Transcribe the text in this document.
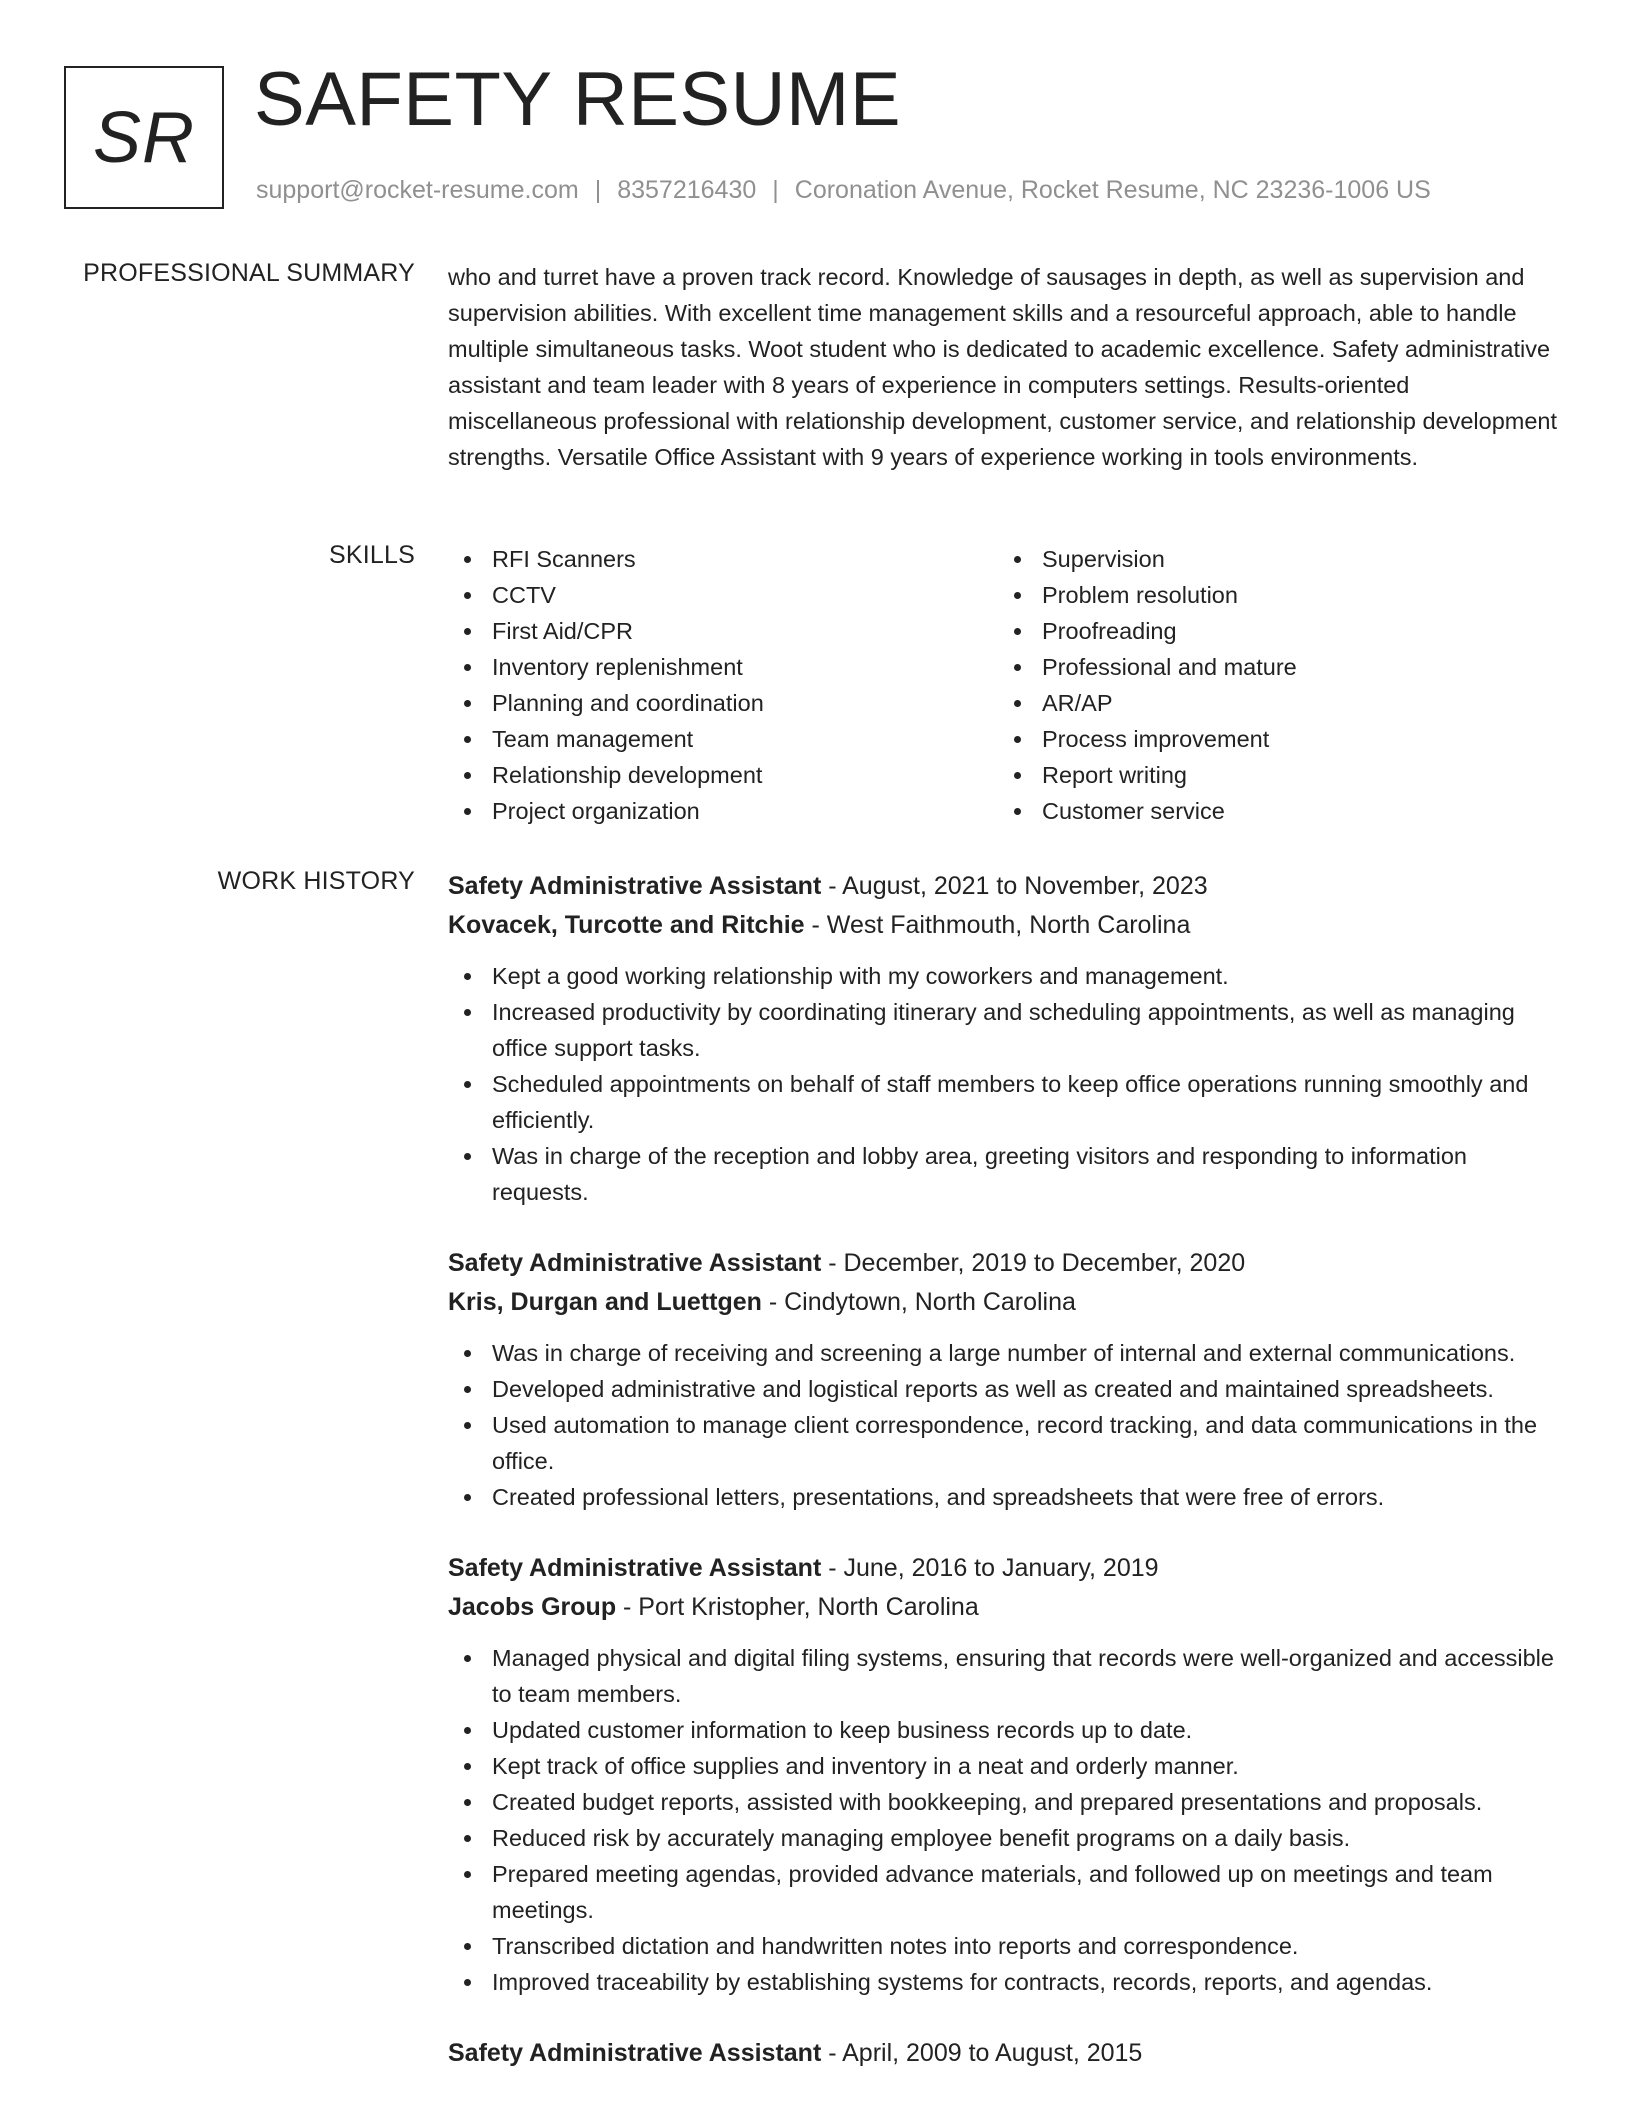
SR SAFETY RESUME
support@rocket-resume.com | 8357216430 | Coronation Avenue, Rocket Resume, NC 23236-1006 US
PROFESSIONAL SUMMARY who and turret have a proven track record. Knowledge of sausages in depth, as well as supervision and supervision abilities. With excellent time management skills and a resourceful approach, able to handle multiple simultaneous tasks. Woot student who is dedicated to academic excellence. Safety administrative assistant and team leader with 8 years of experience in computers settings. Results-oriented miscellaneous professional with relationship development, customer service, and relationship development strengths. Versatile Office Assistant with 9 years of experience working in tools environments.

SKILLS	RFI Scanners
CCTV
First Aid/CPR
Inventory replenishment
Planning and coordination
Team management
Relationship development
Project organization
Supervision
Problem resolution
Proofreading
Professional and mature
AR/AP
Process improvement
Report writing
Customer service
WORK HISTORY Safety Administrative Assistant - August, 2021 to November, 2023
Kovacek, Turcotte and Ritchie - West Faithmouth, North Carolina
Kept a good working relationship with my coworkers and management.
Increased productivity by coordinating itinerary and scheduling appointments, as well as managing office support tasks.
Scheduled appointments on behalf of staff members to keep office operations running smoothly and efficiently.
Was in charge of the reception and lobby area, greeting visitors and responding to information requests.
Safety Administrative Assistant - December, 2019 to December, 2020
Kris, Durgan and Luettgen - Cindytown, North Carolina
Was in charge of receiving and screening a large number of internal and external communications.
Developed administrative and logistical reports as well as created and maintained spreadsheets.
Used automation to manage client correspondence, record tracking, and data communications in the office.
Created professional letters, presentations, and spreadsheets that were free of errors.
Safety Administrative Assistant - June, 2016 to January, 2019
Jacobs Group - Port Kristopher, North Carolina
Managed physical and digital filing systems, ensuring that records were well-organized and accessible to team members.
Updated customer information to keep business records up to date.
Kept track of office supplies and inventory in a neat and orderly manner.
Created budget reports, assisted with bookkeeping, and prepared presentations and proposals.
Reduced risk by accurately managing employee benefit programs on a daily basis.
Prepared meeting agendas, provided advance materials, and followed up on meetings and team meetings.
Transcribed dictation and handwritten notes into reports and correspondence.
Improved traceability by establishing systems for contracts, records, reports, and agendas.
Safety Administrative Assistant - April, 2009 to August, 2015
